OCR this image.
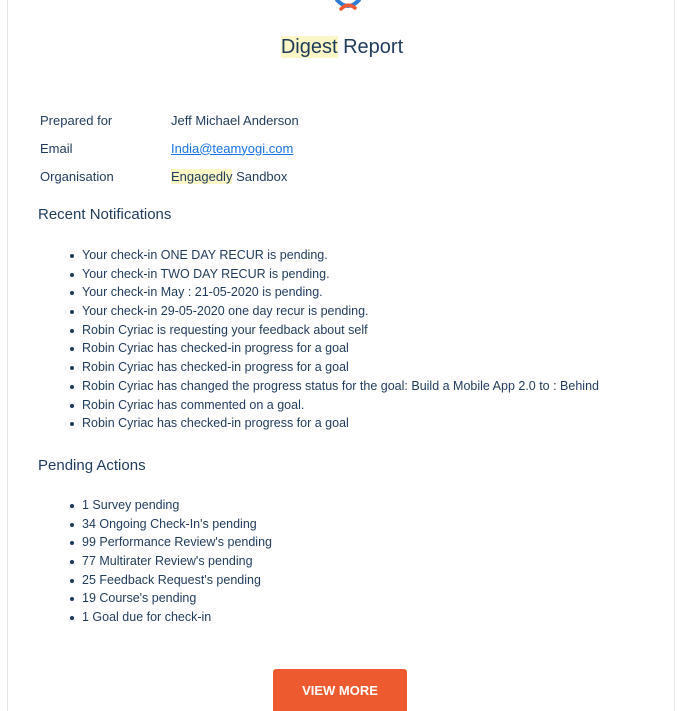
Digest Report
Prepared for	Jeff Michael Anderson
Email	India@teamyogi.com
Organisation	Engagedly Sandbox
Recent Notifications
Your check-in ONE DAY RECUR is pending.
Your check-in TWO DAY RECUR is pending.
Your check-in May : 21-05-2020 is pending.
Your check-in 29-05-2020 one day recur is pending.
Robin Cyriac is requesting your feedback about self
Robin Cyriac has checked-in progress for a goal
Robin Cyriac has checked-in progress for a goal
Robin Cyriac has changed the progress status for the goal: Build a Mobile App 2.0 to : Behind
Robin Cyriac has commented on a goal.
Robin Cyriac has checked-in progress for a goal
Pending Actions
1 Survey pending
34 Ongoing Check-In's pending
99 Performance Review's pending
77 Multirater Review's pending
25 Feedback Request's pending
19 Course's pending
1 Goal due for check-in
VIEW MORE
